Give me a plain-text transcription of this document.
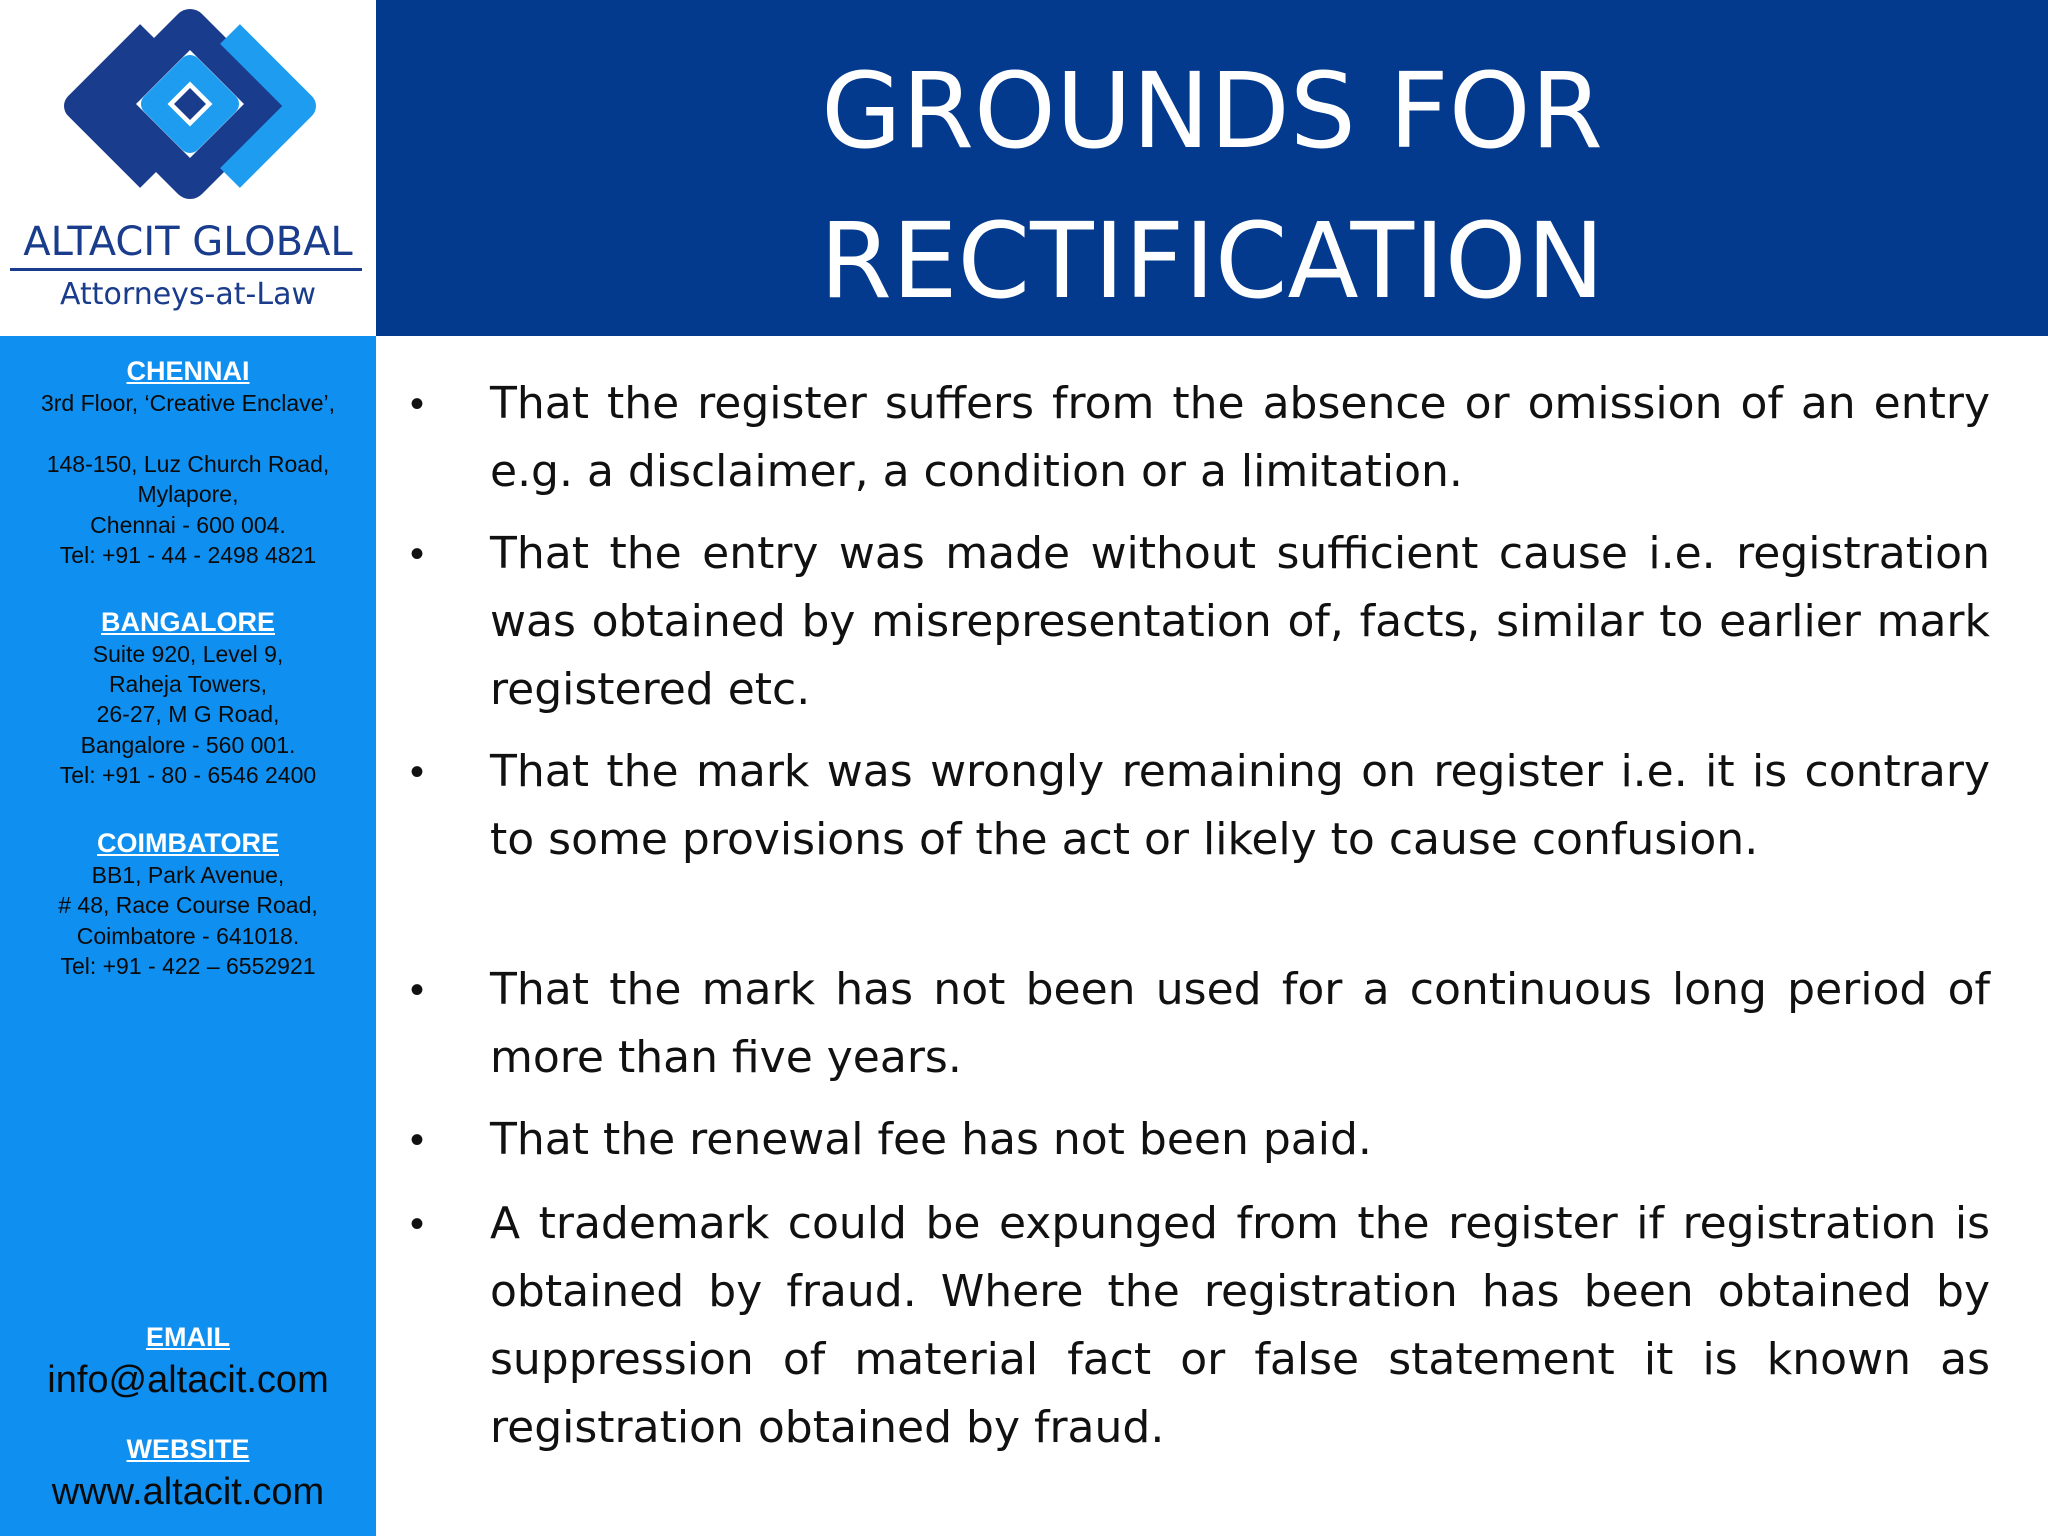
ALTACIT GLOBAL
Attorneys-at-Law
GROUNDS FOR
RECTIFICATION
CHENNAI
3rd Floor, ‘Creative Enclave’,
148-150, Luz Church Road,
Mylapore,
Chennai - 600 004.
Tel: +91 - 44 - 2498 4821
BANGALORE
Suite 920, Level 9,
Raheja Towers,
26-27, M G Road,
Bangalore - 560 001.
Tel: +91 - 80 - 6546 2400
COIMBATORE
BB1, Park Avenue,
# 48, Race Course Road,
Coimbatore - 641018.
Tel: +91 - 422 – 6552921
EMAIL
info@altacit.com
WEBSITE
www.altacit.com
• That the register suffers from the absence or omission of an entry e.g. a disclaimer, a condition or a limitation.
• That the entry was made without sufficient cause i.e. registration was obtained by misrepresentation of, facts, similar to earlier mark registered etc.
• That the mark was wrongly remaining on register i.e. it is contrary to some provisions of the act or likely to cause confusion.
• That the mark has not been used for a continuous long period of more than five years.
• That the renewal fee has not been paid.
• A trademark could be expunged from the register if registration is obtained by fraud. Where the registration has been obtained by suppression of material fact or false statement it is known as registration obtained by fraud.
